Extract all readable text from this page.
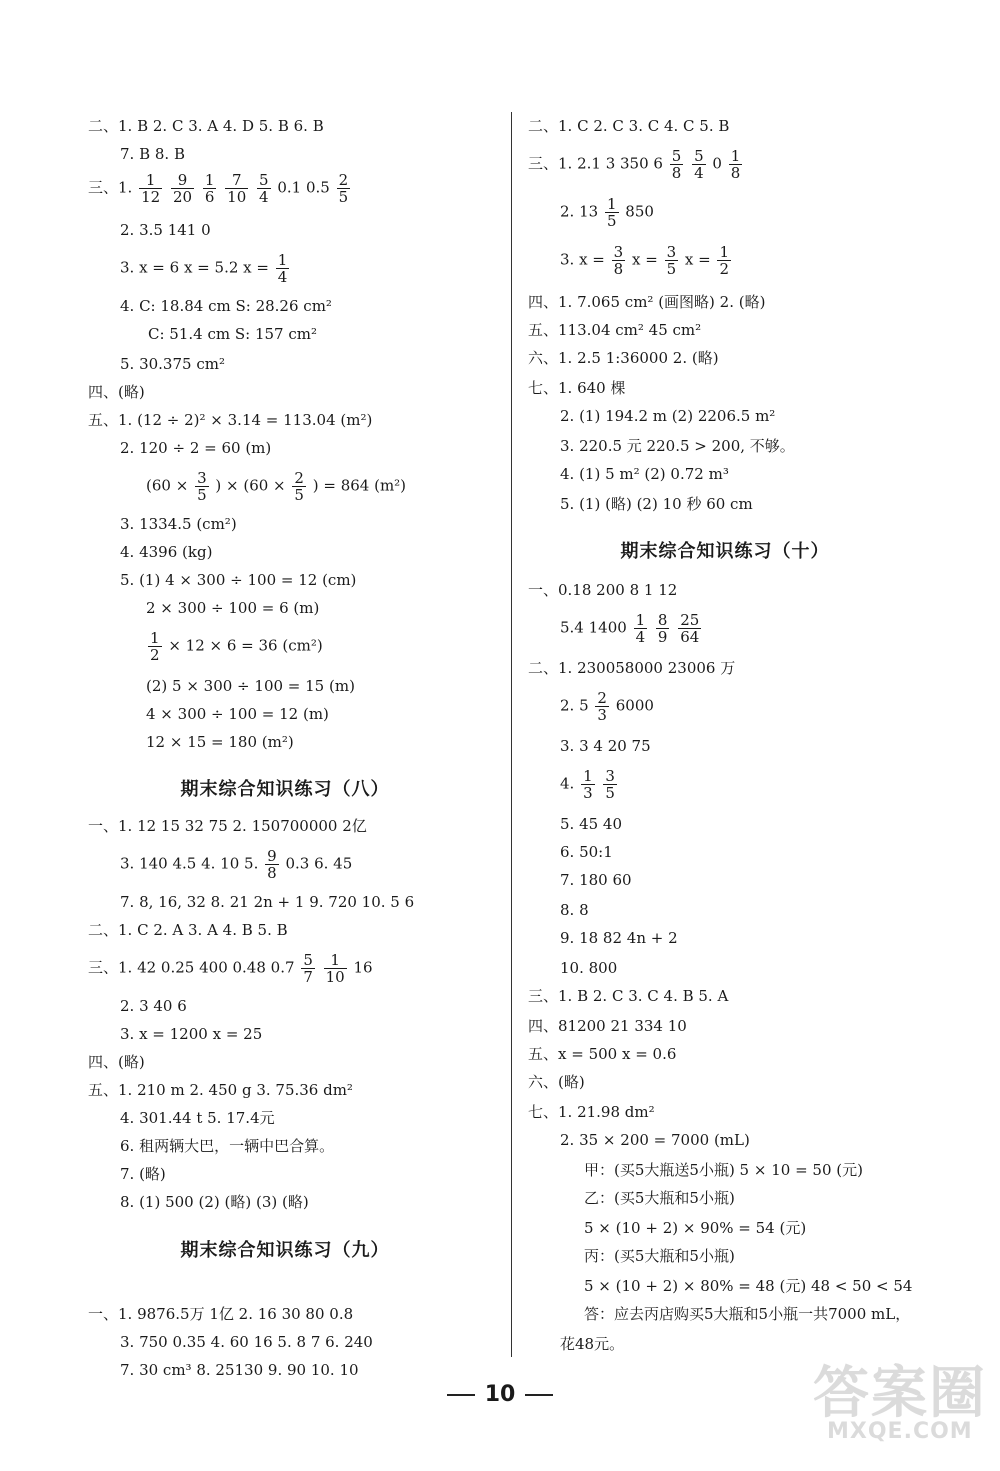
二、1. B 2. C 3. A 4. D 5. B 6. B
7. B 8. B
三、1. $\frac{1}{12}$
$\frac{9}{20}$
$\frac{1}{6}$
$\frac{7}{10}$
$\frac{5}{4} 0.1$ $0.5 \frac{2}{5}$
2. 3.5 141 0
3. x = 6 x = 5.2 $x = \frac{1}{4}$
4. C: 18.84 cm S: 28.26 cm²
C: 51.4 cm S: 157 cm²
5. 30.375 cm²
四、(略)
五、1. (12 ÷ 2)² × 3.14 = 113.04 (m²)
2. 120 ÷ 2 = 60 (m)
($60 \times \frac{3}{5}$ ) × ($60 \times \frac{2}{5}$ ) = 864 (m²)
3. 1334.5 (cm²)
4. 4396 (kg)
5. (1) 4 × 300 ÷ 100 = 12 (cm)
2 × 300 ÷ 100 = 6 (m)
$\frac{1}{2} \times 12 \times 6 = 36$ (cm²)
(2) 5 × 300 ÷ 100 = 15 (m)
4 × 300 ÷ 100 = 12 (m)
12 × 15 = 180 (m²)
期末综合知识练习（八）
一、1. 12 15 32 75 2. 150700000 2亿
3. 140 4.5 4. 10 5. $\frac{9}{8} 0.3$ 6. 45
7. 8, 16, 32 8. 21 2n + 1 9. 720 10. 5 6
二、1. C 2. A 3. A 4. B 5. B
三、1. 42 0.25 400 0.48 $0.7 \frac{5}{7}$
$\frac{1}{10} 16$
2. 3 40 6
3. x = 1200 x = 25
四、(略)
五、1. 210 m 2. 450 g 3. 75.36 dm²
4. 301.44 t 5. 17.4元
6. 租两辆大巴，一辆中巴合算。
7. (略)
8. (1) 500 (2) (略) (3) (略)
期末综合知识练习（九）
一、1. 9876.5万 1亿 2. 16 30 80 0.8
3. 750 0.35 4. 60 16 5. 8 7 6. 240
7. 30 cm³ 8. 25130 9. 90 10. 10
二、1. C 2. C 3. C 4. C 5. B
三、1. 2.1 3 350 $6 \frac{5}{8}$
$\frac{5}{4} 0 \frac{1}{8}$
2. $13 \frac{1}{5} 850$
3. $x = \frac{3}{8}$ $x = \frac{3}{5}$ $x = \frac{1}{2}$
四、1. 7.065 cm² (画图略) 2. (略)
五、113.04 cm² 45 cm²
六、1. 2.5 1:36000 2. (略)
七、1. 640 棵
2. (1) 194.2 m (2) 2206.5 m²
3. 220.5 元 220.5 > 200, 不够。
4. (1) 5 m² (2) 0.72 m³
5. (1) (略) (2) 10 秒 60 cm
期末综合知识练习（十）
一、0.18 200 8 1 12
5.4 $1400 \frac{1}{4}$
$\frac{8}{9}$
$\frac{25}{64}$
二、1. 230058000 23006 万
2. $5 \frac{2}{3} 6000$
3. 3 4 20 75
4. $\frac{1}{3}$
$\frac{3}{5}$
5. 45 40
6. 50:1
7. 180 60
8. 8
9. 18 82 4n + 2
10. 800
三、1. B 2. C 3. C 4. B 5. A
四、81200 21 334 10
五、x = 500 x = 0.6
六、(略)
七、1. 21.98 dm²
2. 35 × 200 = 7000 (mL)
甲：(买5大瓶送5小瓶) 5 × 10 = 50 (元)
乙：(买5大瓶和5小瓶)
5 × (10 + 2) × 90% = 54 (元)
丙：(买5大瓶和5小瓶)
5 × (10 + 2) × 80% = 48 (元) 48 < 50 < 54
答：应去丙店购买5大瓶和5小瓶一共7000 mL，
花48元。
10	答案圈
MXQE.COM
